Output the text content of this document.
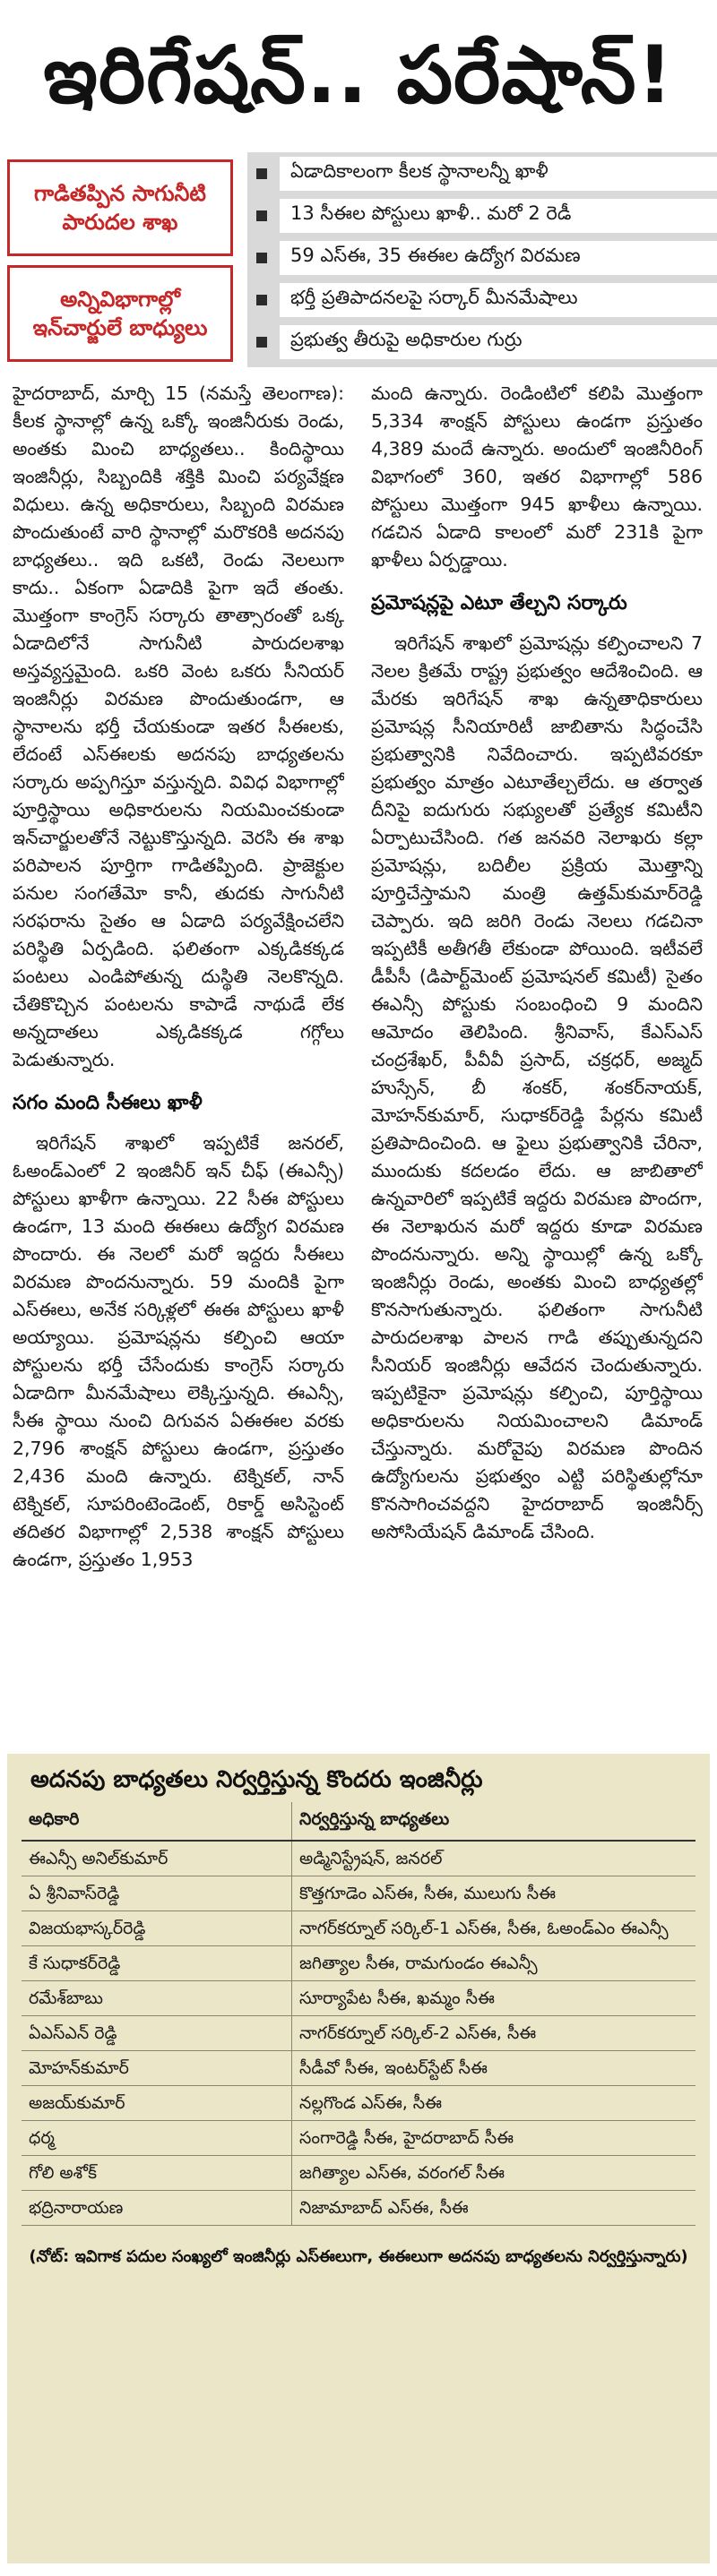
ఇరిగేషన్.. పరేషాన్!
గాడితప్పిన సాగునీటి పారుదల శాఖ
అన్నివిభాగాల్లో ఇన్‌చార్జులే బాధ్యులు
ఏడాదికాలంగా కీలక స్థానాలన్నీ ఖాళీ
13 సీఈల పోస్టులు ఖాళీ.. మరో 2 రెడీ
59 ఎస్‌ఈ, 35 ఈఈల ఉద్యోగ విరమణ
భర్తీ ప్రతిపాదనలపై సర్కార్‌ మీనమేషాలు
ప్రభుత్వ తీరుపై అధికారుల గుర్రు

హైదరాబాద్, మార్చి 15 (నమస్తే తెలంగాణ): కీలక స్థానాల్లో ఉన్న ఒక్కో ఇంజినీరుకు రెండు, అంతకు మించి బాధ్యతలు.. కిందిస్థాయి ఇంజినీర్లు, సిబ్బందికి శక్తికి మించి పర్యవేక్షణ విధులు. ఉన్న అధికారులు, సిబ్బంది విరమణ పొందుతుంటే వారి స్థానాల్లో మరొకరికి అదనపు బాధ్యతలు.. ఇది ఒకటి, రెండు నెలలుగా కాదు.. ఏకంగా ఏడాదికి పైగా ఇదే తంతు. మొత్తంగా కాంగ్రెస్‌ సర్కారు తాత్సారంతో ఒక్క ఏడాదిలోనే సాగునీటి పారుదలశాఖ అస్తవ్యస్తమైంది. ఒకరి వెంట ఒకరు సీనియర్‌ ఇంజినీర్లు విరమణ పొందుతుండగా, ఆ స్థానాలను భర్తీ చేయకుండా ఇతర సీఈలకు, లేదంటే ఎస్‌ఈలకు అదనపు బాధ్యతలను సర్కారు అప్పగిస్తూ వస్తున్నది. వివిధ విభాగాల్లో పూర్తిస్థాయి అధికారులను నియమించకుండా ఇన్‌చార్జులతోనే నెట్టుకొస్తున్నది. వెరసి ఈ శాఖ పరిపాలన పూర్తిగా గాడితప్పింది. ప్రాజెక్టుల పనుల సంగతేమో కానీ, తుదకు సాగునీటి సరఫరాను సైతం ఆ ఏడాది పర్యవేక్షించలేని పరిస్థితి ఏర్పడింది. ఫలితంగా ఎక్కడికక్కడ పంటలు ఎండిపోతున్న దుస్థితి నెలకొన్నది. చేతికొచ్చిన పంటలను కాపాడే నాథుడే లేక అన్నదాతలు ఎక్కడికక్కడ గగ్గోలు పెడుతున్నారు.

సగం మంది సీఈలు ఖాళీ

ఇరిగేషన్‌ శాఖలో ఇప్పటికే జనరల్, ఓఅండ్‌ఎంలో 2 ఇంజినీర్‌ ఇన్‌ చీఫ్‌ (ఈఎన్సీ) పోస్టులు ఖాళీగా ఉన్నాయి. 22 సీఈ పోస్టులు ఉండగా, 13 మంది ఈఈలు ఉద్యోగ విరమణ పొందారు. ఈ నెలలో మరో ఇద్దరు సీఈలు విరమణ పొందనున్నారు. 59 మందికి పైగా ఎస్‌ఈలు, అనేక సర్కిళ్లలో ఈఈ పోస్టులు ఖాళీ అయ్యాయి. ప్రమోషన్లను కల్పించి ఆయా పోస్టులను భర్తీ చేసేందుకు కాంగ్రెస్‌ సర్కారు ఏడాదిగా మీనమేషాలు లెక్కిస్తున్నది. ఈఎన్సీ, సీఈ స్థాయి నుంచి దిగువన ఏఈఈల వరకు 2,796 శాంక్షన్‌ పోస్టులు ఉండగా, ప్రస్తుతం 2,436 మంది ఉన్నారు. టెక్నికల్, నాన్‌ టెక్నికల్, సూపరింటెండెంట్, రికార్డ్‌ అసిస్టెంట్‌ తదితర విభాగాల్లో 2,538 శాంక్షన్‌ పోస్టులు ఉండగా, ప్రస్తుతం 1,953

మంది ఉన్నారు. రెండింటిలో కలిపి మొత్తంగా 5,334 శాంక్షన్‌ పోస్టులు ఉండగా ప్రస్తుతం 4,389 మందే ఉన్నారు. అందులో ఇంజినీరింగ్‌ విభాగంలో 360, ఇతర విభాగాల్లో 586 పోస్టులు మొత్తంగా 945 ఖాళీలు ఉన్నాయి. గడచిన ఏడాది కాలంలో మరో 231కి పైగా ఖాళీలు ఏర్పడ్డాయి.

ప్రమోషన్లపై ఎటూ తేల్చని సర్కారు

ఇరిగేషన్‌ శాఖలో ప్రమోషన్లు కల్పించాలని 7 నెలల క్రితమే రాష్ట్ర ప్రభుత్వం ఆదేశించింది. ఆ మేరకు ఇరిగేషన్‌ శాఖ ఉన్నతాధికారులు ప్రమోషన్ల సీనియారిటీ జాబితాను సిద్ధంచేసి ప్రభుత్వానికి నివేదించారు. ఇప్పటివరకూ ప్రభుత్వం మాత్రం ఎటూతేల్చలేదు. ఆ తర్వాత దీనిపై ఐదుగురు సభ్యులతో ప్రత్యేక కమిటీని ఏర్పాటుచేసింది. గత జనవరి నెలాఖరు కల్లా ప్రమోషన్లు, బదిలీల ప్రక్రియ మొత్తాన్ని పూర్తిచేస్తామని మంత్రి ఉత్తమ్‌కుమార్‌రెడ్డి చెప్పారు. ఇది జరిగి రెండు నెలలు గడచినా ఇప్పటికీ అతీగతీ లేకుండా పోయింది. ఇటీవలే డీపీసీ (డిపార్ట్‌మెంట్‌ ప్రమోషనల్‌ కమిటీ) సైతం ఈఎన్సీ పోస్టుకు సంబంధించి 9 మందిని ఆమోదం తెలిపింది. శ్రీనివాస్, కేఎస్‌ఎస్‌ చంద్రశేఖర్, పీవీవీ ప్రసాద్, చక్రధర్, అజ్మద్‌ హుస్సేన్, బీ శంకర్, శంకర్‌నాయక్, మోహన్‌కుమార్, సుధాకర్‌రెడ్డి పేర్లను కమిటీ ప్రతిపాదించింది. ఆ ఫైలు ప్రభుత్వానికి చేరినా, ముందుకు కదలడం లేదు. ఆ జాబితాలో ఉన్నవారిలో ఇప్పటికే ఇద్దరు విరమణ పొందగా, ఈ నెలాఖరున మరో ఇద్దరు కూడా విరమణ పొందనున్నారు. అన్ని స్థాయిల్లో ఉన్న ఒక్కో ఇంజినీర్లు రెండు, అంతకు మించి బాధ్యతల్లో కొనసాగుతున్నారు. ఫలితంగా సాగునీటి పారుదలశాఖ పాలన గాడి తప్పుతున్నదని సీనియర్‌ ఇంజినీర్లు ఆవేదన చెందుతున్నారు. ఇప్పటికైనా ప్రమోషన్లు కల్పించి, పూర్తిస్థాయి అధికారులను నియమించాలని డిమాండ్‌ చేస్తున్నారు. మరోవైపు విరమణ పొందిన ఉద్యోగులను ప్రభుత్వం ఎట్టి పరిస్థితుల్లోనూ కొనసాగించవద్దని హైదరాబాద్‌ ఇంజినీర్స్‌ అసోసియేషన్‌ డిమాండ్‌ చేసింది.

అదనపు బాధ్యతలు నిర్వర్తిస్తున్న కొందరు ఇంజినీర్లు
అధికారి	నిర్వర్తిస్తున్న బాధ్యతలు
ఈఎన్సీ అనిల్‌కుమార్‌	అడ్మినిస్ట్రేషన్‌, జనరల్‌
ఏ శ్రీనివాస్‌రెడ్డి	కొత్తగూడెం ఎస్‌ఈ, సీఈ, ములుగు సీఈ
విజయభాస్కర్‌రెడ్డి	నాగర్‌కర్నూల్‌ సర్కిల్‌-1 ఎస్‌ఈ, సీఈ, ఓఅండ్‌ఎం ఈఎన్సీ
కే సుధాకర్‌రెడ్డి	జగిత్యాల సీఈ, రామగుండం ఈఎన్సీ
రమేశ్‌బాబు	సూర్యాపేట సీఈ, ఖమ్మం సీఈ
ఏఎస్‌ఎన్‌ రెడ్డి	నాగర్‌కర్నూల్‌ సర్కిల్‌-2 ఎస్‌ఈ, సీఈ
మోహన్‌కుమార్‌	సీడీవో సీఈ, ఇంటర్‌స్టేట్‌ సీఈ
అజయ్‌కుమార్‌	నల్లగొండ ఎస్‌ఈ, సీఈ
ధర్మ	సంగారెడ్డి సీఈ, హైదరాబాద్‌ సీఈ
గోలి అశోక్‌	జగిత్యాల ఎస్‌ఈ, వరంగల్‌ సీఈ
భద్రినారాయణ	నిజామాబాద్‌ ఎస్‌ఈ, సీఈ
(నోట్‌: ఇవిగాక పదుల సంఖ్యలో ఇంజినీర్లు ఎస్‌ఈలుగా, ఈఈలుగా అదనపు బాధ్యతలను నిర్వర్తిస్తున్నారు)
